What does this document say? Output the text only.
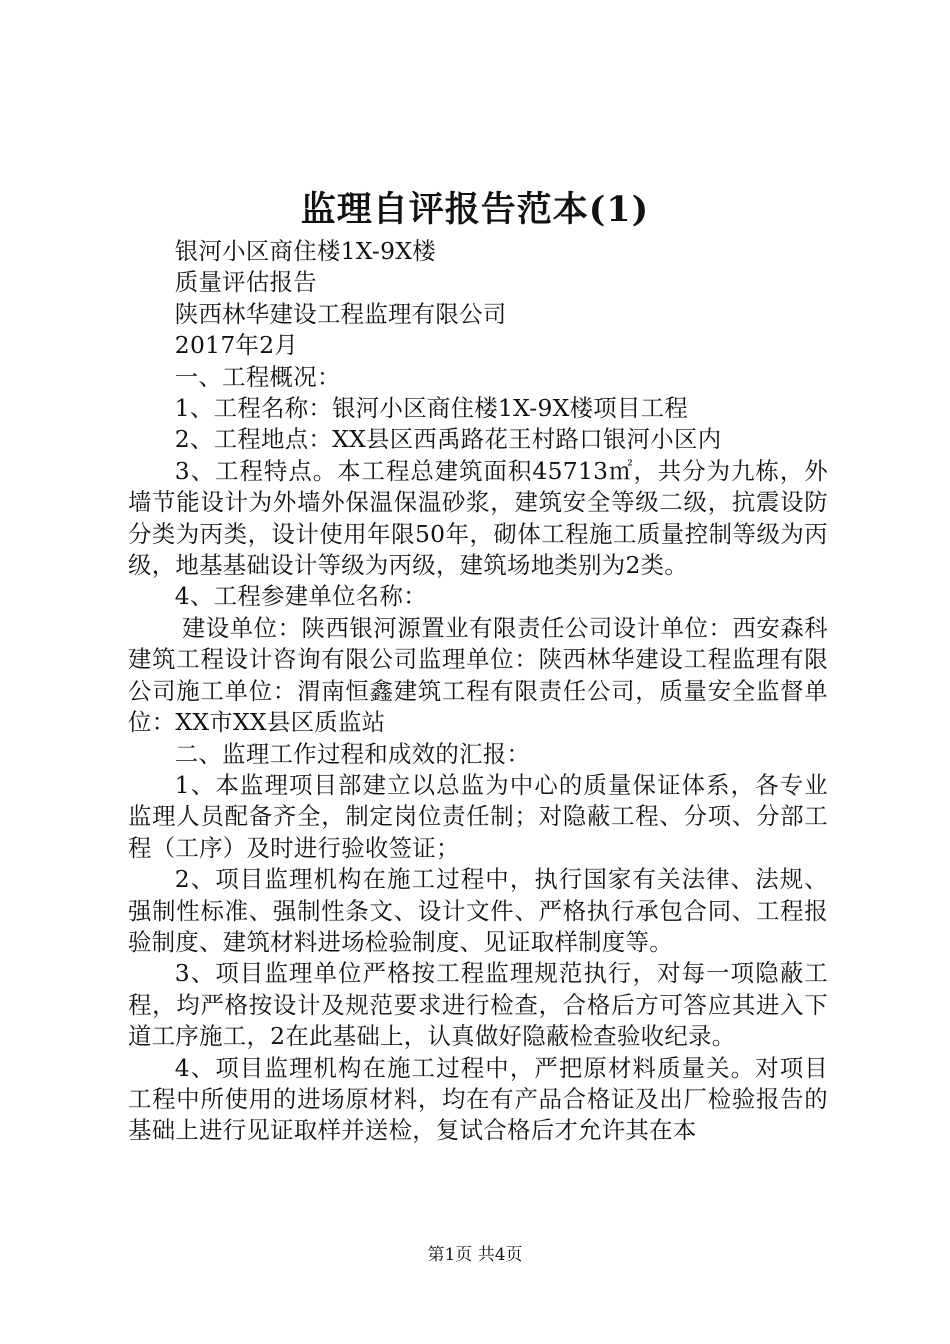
监理自评报告范本(1)

银河小区商住楼1X-9X楼

质量评估报告

陕西林华建设工程监理有限公司

2017年2月

一、工程概况：

1、工程名称：银河小区商住楼1X-9X楼项目工程

2、工程地点：XX县区西禹路花王村路口银河小区内

3、工程特点。本工程总建筑面积45713㎡，共分为九栋，外墙节能设计为外墙外保温保温砂浆，建筑安全等级二级，抗震设防分类为丙类，设计使用年限50年，砌体工程施工质量控制等级为丙级，地基基础设计等级为丙级，建筑场地类别为2类。

4、工程参建单位名称：

建设单位：陕西银河源置业有限责任公司设计单位：西安森科建筑工程设计咨询有限公司监理单位：陕西林华建设工程监理有限公司施工单位：渭南恒鑫建筑工程有限责任公司，质量安全监督单位：XX市XX县区质监站

二、监理工作过程和成效的汇报：

1、本监理项目部建立以总监为中心的质量保证体系，各专业监理人员配备齐全，制定岗位责任制；对隐蔽工程、分项、分部工程（工序）及时进行验收签证；

2、项目监理机构在施工过程中，执行国家有关法律、法规、强制性标准、强制性条文、设计文件、严格执行承包合同、工程报验制度、建筑材料进场检验制度、见证取样制度等。

3、项目监理单位严格按工程监理规范执行，对每一项隐蔽工程，均严格按设计及规范要求进行检查，合格后方可答应其进入下道工序施工，2在此基础上，认真做好隐蔽检查验收纪录。

4、项目监理机构在施工过程中，严把原材料质量关。对项目工程中所使用的进场原材料，均在有产品合格证及出厂检验报告的基础上进行见证取样并送检，复试合格后才允许其在本

第1页 共4页
